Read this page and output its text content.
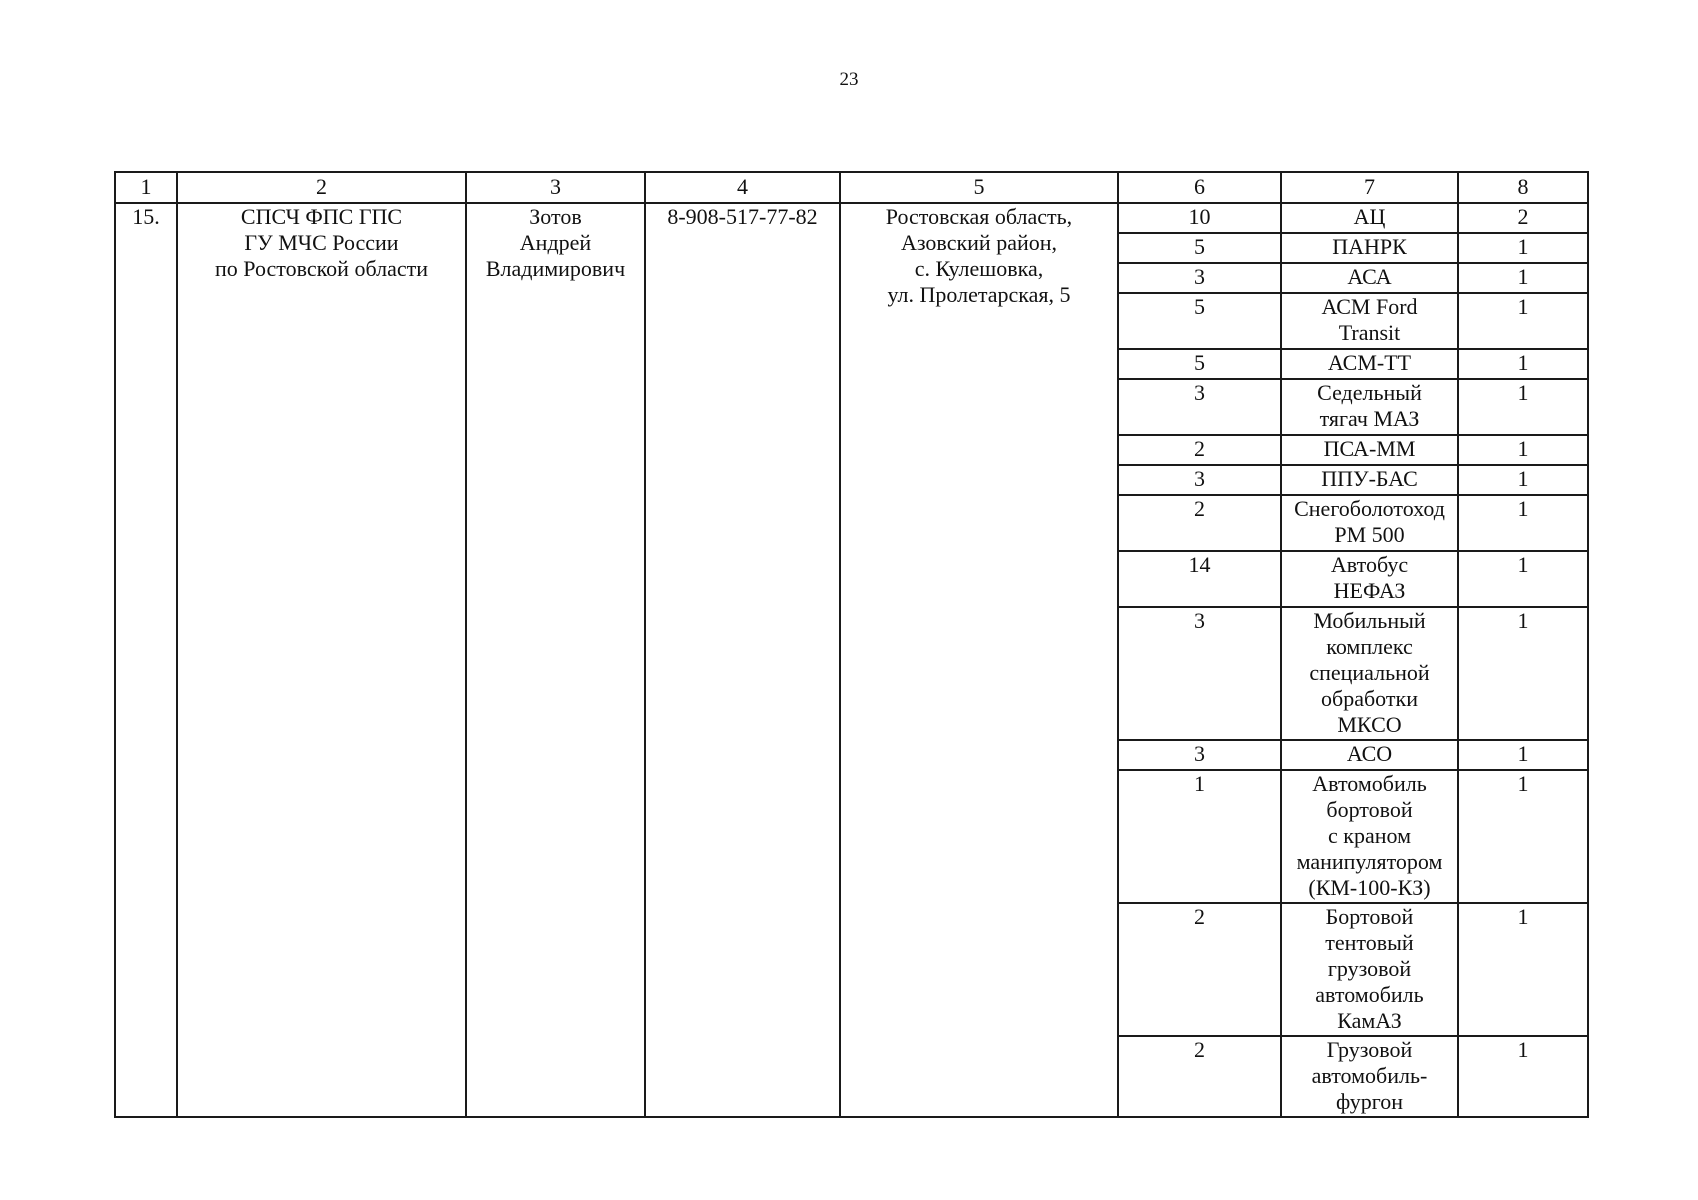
23
1	2	3	4	5	6	7	8
15.	СПСЧ ФПС ГПС
ГУ МЧС России
по Ростовской области	Зотов
Андрей
Владимирович	8-908-517-77-82	Ростовская область,
Азовский район,
с. Кулешовка,
ул. Пролетарская, 5	10	АЦ	2
					5	ПАНРК	1
					3	АСА	1
					5	АСМ Ford
Transit	1
					5	АСМ-ТТ	1
					3	Седельный
тягач МАЗ	1
					2	ПСА-ММ	1
					3	ППУ-БАС	1
					2	Снегоболотоход
РМ 500	1
					14	Автобус
НЕФАЗ	1
					3	Мобильный
комплекс
специальной
обработки
МКСО	1
					3	АСО	1
					1	Автомобиль
бортовой
с краном
манипулятором
(КМ-100-КЗ)	1
					2	Бортовой
тентовый
грузовой
автомобиль
КамАЗ	1
					2	Грузовой
автомобиль-
фургон	1
